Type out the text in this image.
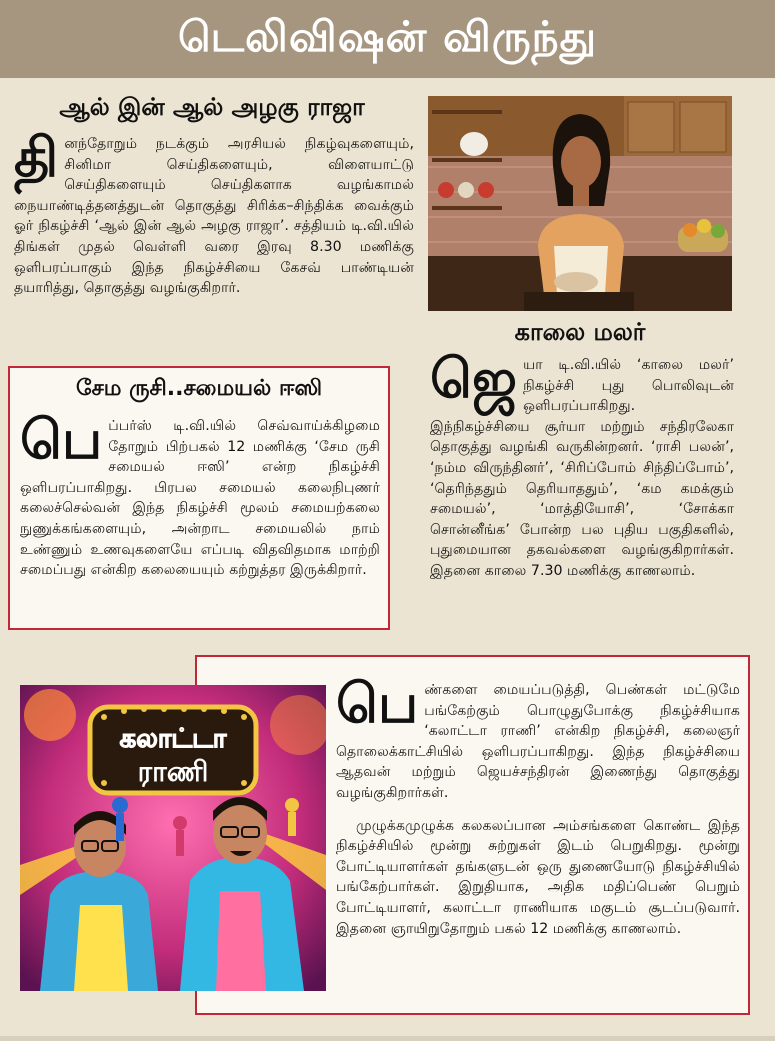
டெலிவிஷன் விருந்து
ஆல் இன் ஆல் அழகு ராஜா
தி னந்தோறும் நடக்கும் அரசியல் நிகழ்வுகளையும், சினிமா செய்திகளையும், விளையாட்டு செய்திகளையும் செய்திகளாக வழங்காமல் நையாண்டித்தனத்துடன் தொகுத்து சிரிக்க–சிந்திக்க வைக்கும் ஓர் நிகழ்ச்சி ‘ஆல் இன் ஆல் அழகு ராஜா’. சத்தியம் டி.வி.யில் திங்கள் முதல் வெள்ளி வரை இரவு 8.30 மணிக்கு ஒளிபரப்பாகும் இந்த நிகழ்ச்சியை கேசவ் பாண்டியன் தயாரித்து, தொகுத்து வழங்குகிறார்.
சேம ருசி..சமையல் ஈஸி
பெ ப்பர்ஸ் டி.வி.யில் செவ்வாய்க்கிழமை தோறும் பிற்பகல் 12 மணிக்கு ‘சேம ருசி சமையல் ஈஸி’ என்ற நிகழ்ச்சி ஒளிபரப்பாகிறது. பிரபல சமையல் கலைநிபுணர் கலைச்செல்வன் இந்த நிகழ்ச்சி மூலம் சமையற்கலை நுணுக்கங்களையும், அன்றாட சமையலில் நாம் உண்ணும் உணவுகளையே எப்படி விதவிதமாக மாற்றி சமைப்பது என்கிற கலையையும் கற்றுத்தர இருக்கிறார்.
காலை மலர்
ஜெ யா டி.வி.யில் ‘காலை மலர்’ நிகழ்ச்சி புது பொலிவுடன் ஒளிபரப்பாகிறது. இந்நிகழ்ச்சியை சூர்யா மற்றும் சந்திரலேகா தொகுத்து வழங்கி வருகின்றனர். ‘ராசி பலன்’, ‘நம்ம விருந்தினர்’, ‘சிரிப்போம் சிந்திப்போம்’, ‘தெரிந்ததும் தெரியாததும்’, ‘கம கமக்கும் சமையல்’, ‘மாத்தியோசி’, ‘சோக்கா சொன்னீங்க’ போன்ற பல புதிய பகுதிகளில், புதுமையான தகவல்களை வழங்குகிறார்கள். இதனை காலை 7.30 மணிக்கு காணலாம்.
கலாட்டா
ராணி
பெ ண்களை மையப்படுத்தி, பெண்கள் மட்டுமே பங்கேற்கும் பொழுதுபோக்கு நிகழ்ச்சியாக ‘கலாட்டா ராணி’ என்கிற நிகழ்ச்சி, கலைஞர் தொலைக்காட்சியில் ஒளிபரப்பாகிறது. இந்த நிகழ்ச்சியை ஆதவன் மற்றும் ஜெயச்சந்திரன் இணைந்து தொகுத்து வழங்குகிறார்கள்.
முழுக்கமுழுக்க கலகலப்பான அம்சங்களை கொண்ட இந்த நிகழ்ச்சியில் மூன்று சுற்றுகள் இடம் பெறுகிறது. மூன்று போட்டியாளர்கள் தங்களுடன் ஒரு துணையோடு நிகழ்ச்சியில் பங்கேற்பார்கள். இறுதியாக, அதிக மதிப்பெண் பெறும் போட்டியாளர், கலாட்டா ராணியாக மகுடம் சூடப்படுவார். இதனை ஞாயிறுதோறும் பகல் 12 மணிக்கு காணலாம்.
